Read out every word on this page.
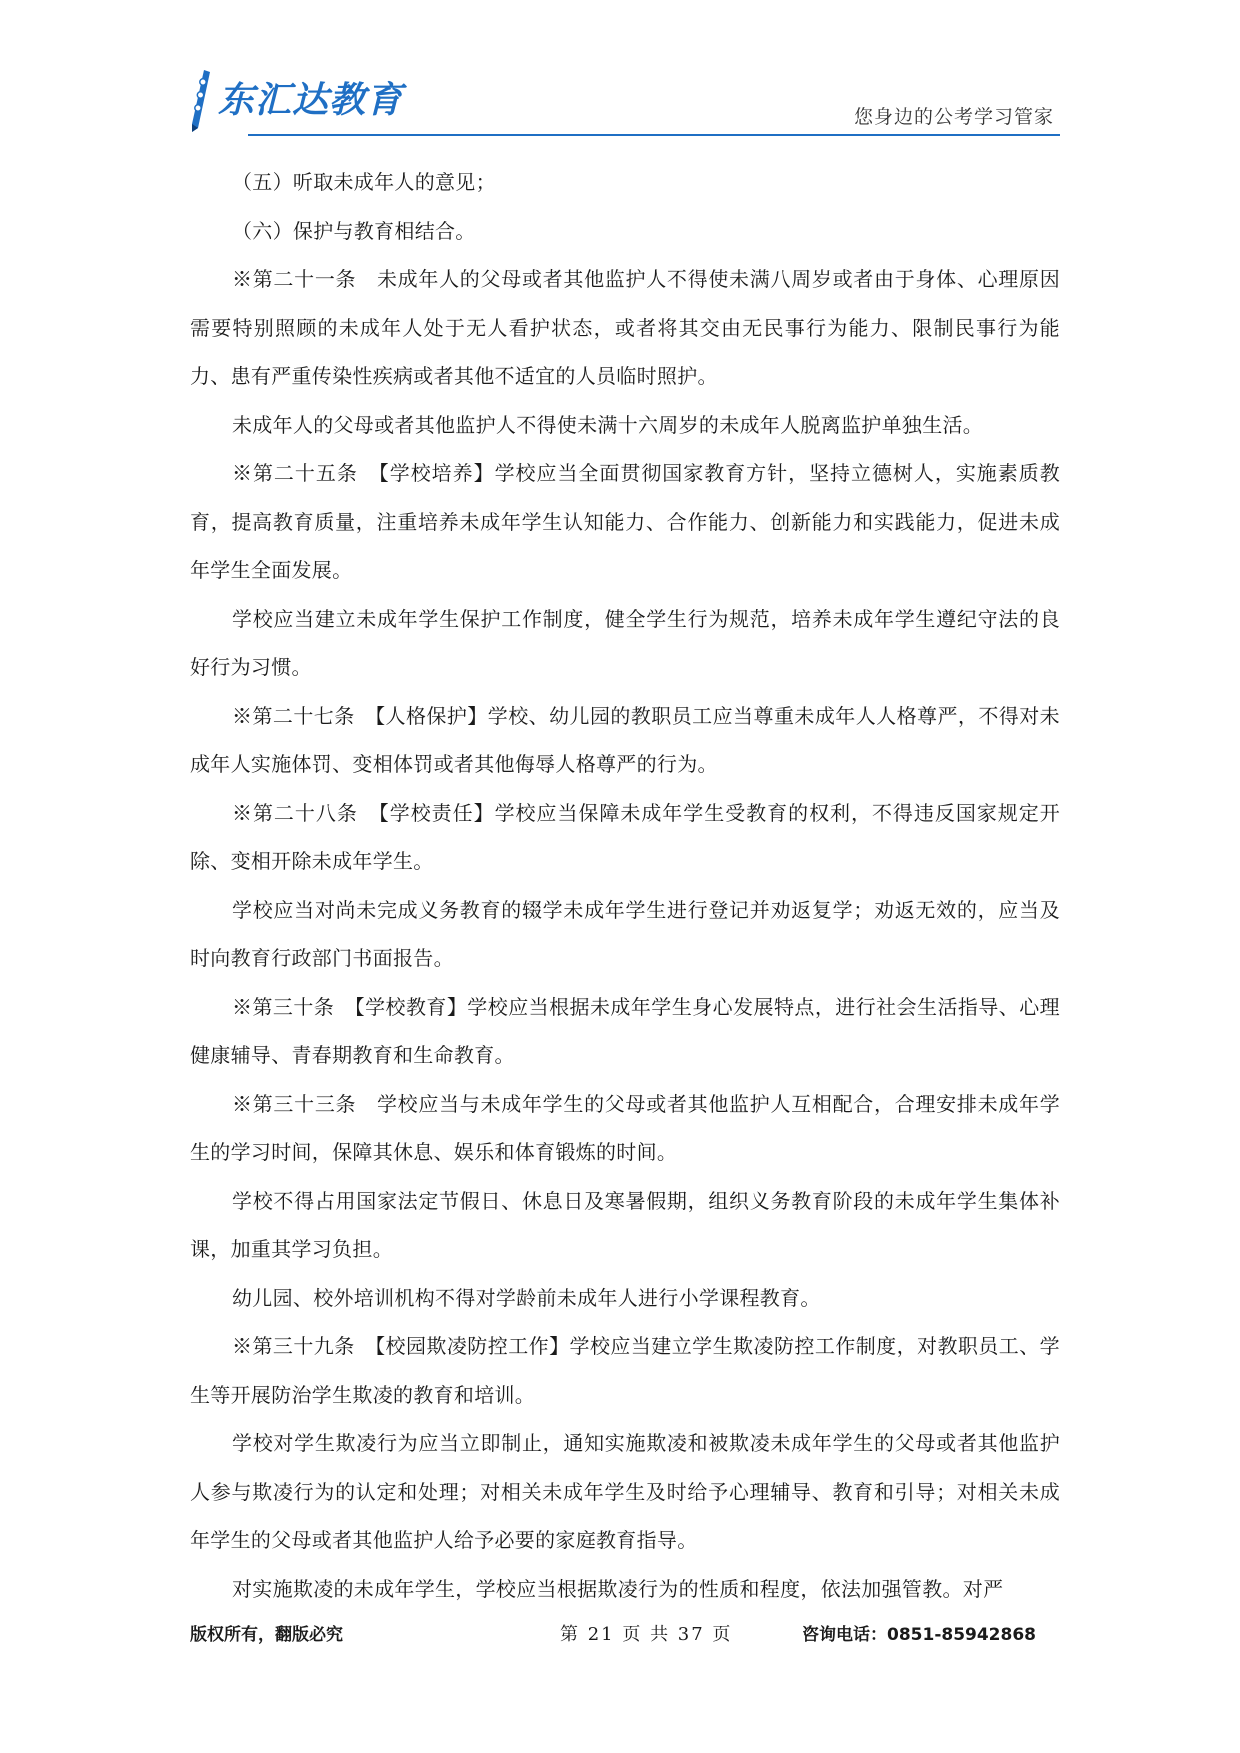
东汇达教育	您身边的公考学习管家

（五）听取未成年人的意见；

（六）保护与教育相结合。

※第二十一条　未成年人的父母或者其他监护人不得使未满八周岁或者由于身体、心理原因需要特别照顾的未成年人处于无人看护状态，或者将其交由无民事行为能力、限制民事行为能力、患有严重传染性疾病或者其他不适宜的人员临时照护。

未成年人的父母或者其他监护人不得使未满十六周岁的未成年人脱离监护单独生活。

※第二十五条　【学校培养】学校应当全面贯彻国家教育方针，坚持立德树人，实施素质教育，提高教育质量，注重培养未成年学生认知能力、合作能力、创新能力和实践能力，促进未成年学生全面发展。

学校应当建立未成年学生保护工作制度，健全学生行为规范，培养未成年学生遵纪守法的良好行为习惯。

※第二十七条　【人格保护】学校、幼儿园的教职员工应当尊重未成年人人格尊严，不得对未成年人实施体罚、变相体罚或者其他侮辱人格尊严的行为。

※第二十八条　【学校责任】学校应当保障未成年学生受教育的权利，不得违反国家规定开除、变相开除未成年学生。

学校应当对尚未完成义务教育的辍学未成年学生进行登记并劝返复学；劝返无效的，应当及时向教育行政部门书面报告。

※第三十条　【学校教育】学校应当根据未成年学生身心发展特点，进行社会生活指导、心理健康辅导、青春期教育和生命教育。

※第三十三条　学校应当与未成年学生的父母或者其他监护人互相配合，合理安排未成年学生的学习时间，保障其休息、娱乐和体育锻炼的时间。

学校不得占用国家法定节假日、休息日及寒暑假期，组织义务教育阶段的未成年学生集体补课，加重其学习负担。

幼儿园、校外培训机构不得对学龄前未成年人进行小学课程教育。

※第三十九条　【校园欺凌防控工作】学校应当建立学生欺凌防控工作制度，对教职员工、学生等开展防治学生欺凌的教育和培训。

学校对学生欺凌行为应当立即制止，通知实施欺凌和被欺凌未成年学生的父母或者其他监护人参与欺凌行为的认定和处理；对相关未成年学生及时给予心理辅导、教育和引导；对相关未成年学生的父母或者其他监护人给予必要的家庭教育指导。

对实施欺凌的未成年学生，学校应当根据欺凌行为的性质和程度，依法加强管教。对严

版权所有，翻版必究	第 21 页 共 37 页	咨询电话：0851-85942868
